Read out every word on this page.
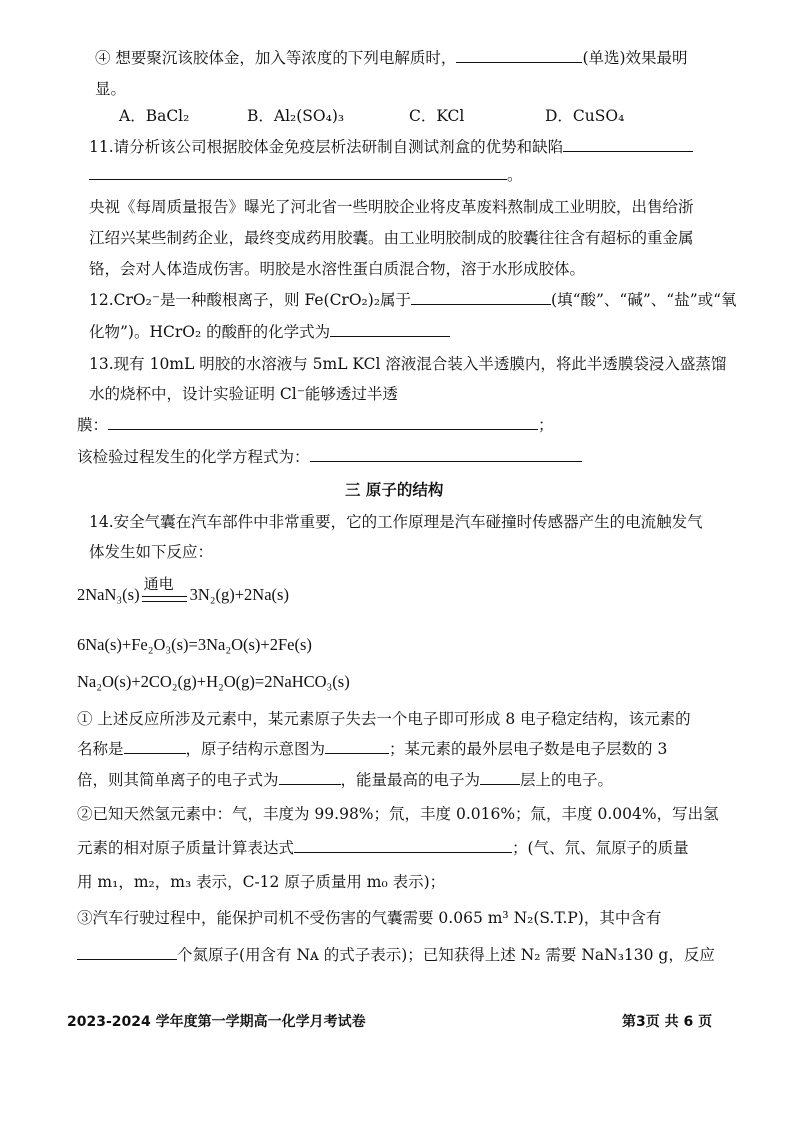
④ 想要聚沉该胶体金，加入等浓度的下列电解质时，	(单选)效果最明
显。
A．BaCl₂	B．Al₂(SO₄)₃	C．KCl	D．CuSO₄
11.请分析该公司根据胶体金免疫层析法研制自测试剂盒的优势和缺陷
。
央视《每周质量报告》曝光了河北省一些明胶企业将皮革废料熬制成工业明胶，出售给浙
江绍兴某些制药企业，最终变成药用胶囊。由工业明胶制成的胶囊往往含有超标的重金属
铬，会对人体造成伤害。明胶是水溶性蛋白质混合物，溶于水形成胶体。
12.CrO₂⁻是一种酸根离子，则 Fe(CrO₂)₂属于	(填“酸”、“碱”、“盐”或“氧
化物”)。HCrO₂ 的酸酐的化学式为
13.现有 10mL 明胶的水溶液与 5mL KCl 溶液混合装入半透膜内，将此半透膜袋浸入盛蒸馏
水的烧杯中，设计实验证明 Cl⁻能够透过半透
膜：	；
该检验过程发生的化学方程式为：
三 原子的结构
14.安全气囊在汽车部件中非常重要，它的工作原理是汽车碰撞时传感器产生的电流触发气
体发生如下反应：
2NaN₃(s) 通电 3N₂(g)+2Na(s)
6Na(s)+Fe₂O₃(s)=3Na₂O(s)+2Fe(s)
Na₂O(s)+2CO₂(g)+H₂O(g)=2NaHCO₃(s)
① 上述反应所涉及元素中，某元素原子失去一个电子即可形成 8 电子稳定结构，该元素的
名称是	，原子结构示意图为	；某元素的最外层电子数是电子层数的 3
倍，则其简单离子的电子式为	，能量最高的电子为	层上的电子。
②已知天然氢元素中：气，丰度为 99.98%；氘，丰度 0.016%；氚，丰度 0.004%，写出氢
元素的相对原子质量计算表达式	；(气、氘、氚原子的质量
用 m₁，m₂，m₃ 表示，C-12 原子质量用 m₀ 表示)；
③汽车行驶过程中，能保护司机不受伤害的气囊需要 0.065 m³ N₂(S.T.P)，其中含有
个氮原子(用含有 Nᴀ 的式子表示)；已知获得上述 N₂ 需要 NaN₃130 g，反应
2023-2024 学年度第一学期高一化学月考试卷	第3页 共 6 页
